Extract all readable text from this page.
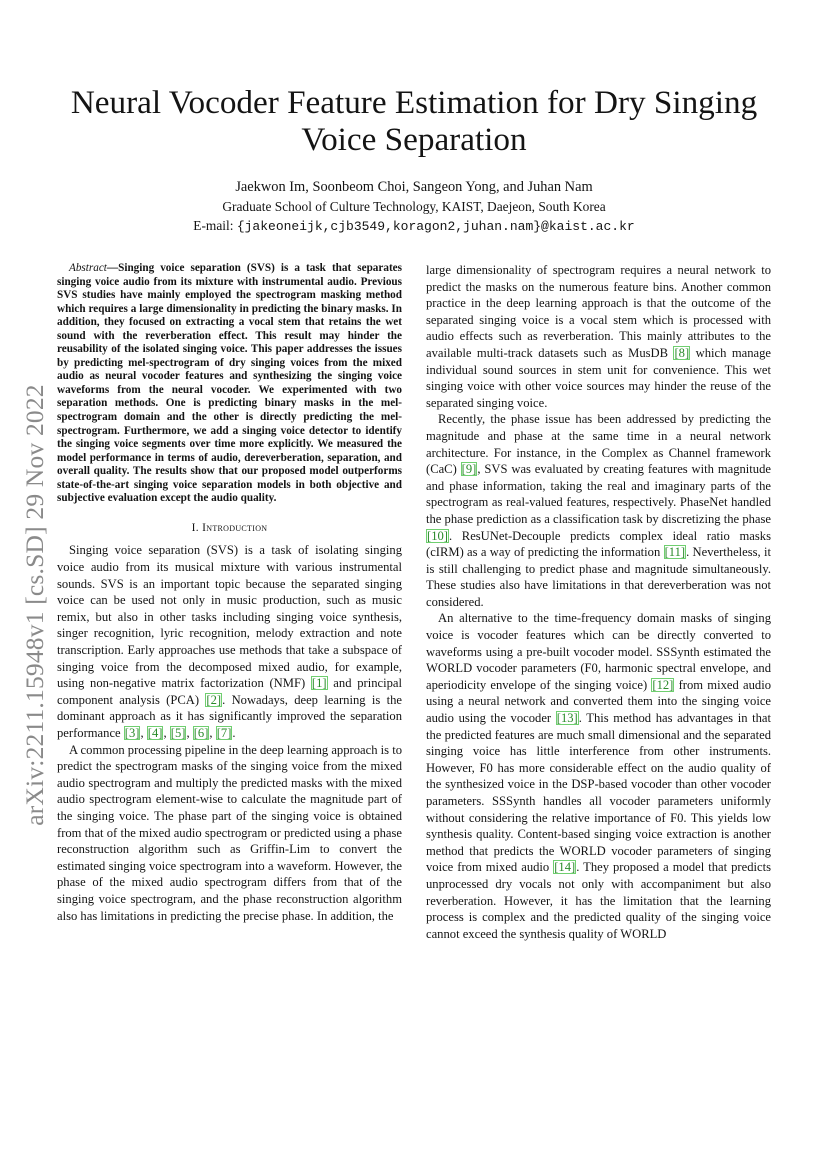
arXiv:2211.15948v1 [cs.SD] 29 Nov 2022
Neural Vocoder Feature Estimation for Dry Singing Voice Separation
Jaekwon Im, Soonbeom Choi, Sangeon Yong, and Juhan Nam
Graduate School of Culture Technology, KAIST, Daejeon, South Korea
E-mail: {jakeoneijk,cjb3549,koragon2,juhan.nam}@kaist.ac.kr

Abstract—Singing voice separation (SVS) is a task that separates singing voice audio from its mixture with instrumental audio. Previous SVS studies have mainly employed the spectrogram masking method which requires a large dimensionality in predicting the binary masks. In addition, they focused on extracting a vocal stem that retains the wet sound with the reverberation effect. This result may hinder the reusability of the isolated singing voice. This paper addresses the issues by predicting mel-spectrogram of dry singing voices from the mixed audio as neural vocoder features and synthesizing the singing voice waveforms from the neural vocoder. We experimented with two separation methods. One is predicting binary masks in the mel-spectrogram domain and the other is directly predicting the mel-spectrogram. Furthermore, we add a singing voice detector to identify the singing voice segments over time more explicitly. We measured the model performance in terms of audio, dereverberation, separation, and overall quality. The results show that our proposed model outperforms state-of-the-art singing voice separation models in both objective and subjective evaluation except the audio quality.

I. Introduction

Singing voice separation (SVS) is a task of isolating singing voice audio from its musical mixture with various instrumental sounds. SVS is an important topic because the separated singing voice can be used not only in music production, such as music remix, but also in other tasks including singing voice synthesis, singer recognition, lyric recognition, melody extraction and note transcription. Early approaches use methods that take a subspace of singing voice from the decomposed mixed audio, for example, using non-negative matrix factorization (NMF) [1] and principal component analysis (PCA) [2]. Nowadays, deep learning is the dominant approach as it has significantly improved the separation performance [3], [4], [5], [6], [7].

A common processing pipeline in the deep learning approach is to predict the spectrogram masks of the singing voice from the mixed audio spectrogram and multiply the predicted masks with the mixed audio spectrogram element-wise to calculate the magnitude part of the singing voice. The phase part of the singing voice is obtained from that of the mixed audio spectrogram or predicted using a phase reconstruction algorithm such as Griffin-Lim to convert the estimated singing voice spectrogram into a waveform. However, the phase of the mixed audio spectrogram differs from that of the singing voice spectrogram, and the phase reconstruction algorithm also has limitations in predicting the precise phase. In addition, the

large dimensionality of spectrogram requires a neural network to predict the masks on the numerous feature bins. Another common practice in the deep learning approach is that the outcome of the separated singing voice is a vocal stem which is processed with audio effects such as reverberation. This mainly attributes to the available multi-track datasets such as MusDB [8] which manage individual sound sources in stem unit for convenience. This wet singing voice with other voice sources may hinder the reuse of the separated singing voice.

Recently, the phase issue has been addressed by predicting the magnitude and phase at the same time in a neural network architecture. For instance, in the Complex as Channel framework (CaC) [9], SVS was evaluated by creating features with magnitude and phase information, taking the real and imaginary parts of the spectrogram as real-valued features, respectively. PhaseNet handled the phase prediction as a classification task by discretizing the phase [10]. ResUNet-Decouple predicts complex ideal ratio masks (cIRM) as a way of predicting the information [11]. Nevertheless, it is still challenging to predict phase and magnitude simultaneously. These studies also have limitations in that dereverberation was not considered.

An alternative to the time-frequency domain masks of singing voice is vocoder features which can be directly converted to waveforms using a pre-built vocoder model. SSSynth estimated the WORLD vocoder parameters (F0, harmonic spectral envelope, and aperiodicity envelope of the singing voice) [12] from mixed audio using a neural network and converted them into the singing voice audio using the vocoder [13]. This method has advantages in that the predicted features are much small dimensional and the separated singing voice has little interference from other instruments. However, F0 has more considerable effect on the audio quality of the synthesized voice in the DSP-based vocoder than other vocoder parameters. SSSynth handles all vocoder parameters uniformly without considering the relative importance of F0. This yields low synthesis quality. Content-based singing voice extraction is another method that predicts the WORLD vocoder parameters of singing voice from mixed audio [14]. They proposed a model that predicts unprocessed dry vocals not only with accompaniment but also reverberation. However, it has the limitation that the learning process is complex and the predicted quality of the singing voice cannot exceed the synthesis quality of WORLD
